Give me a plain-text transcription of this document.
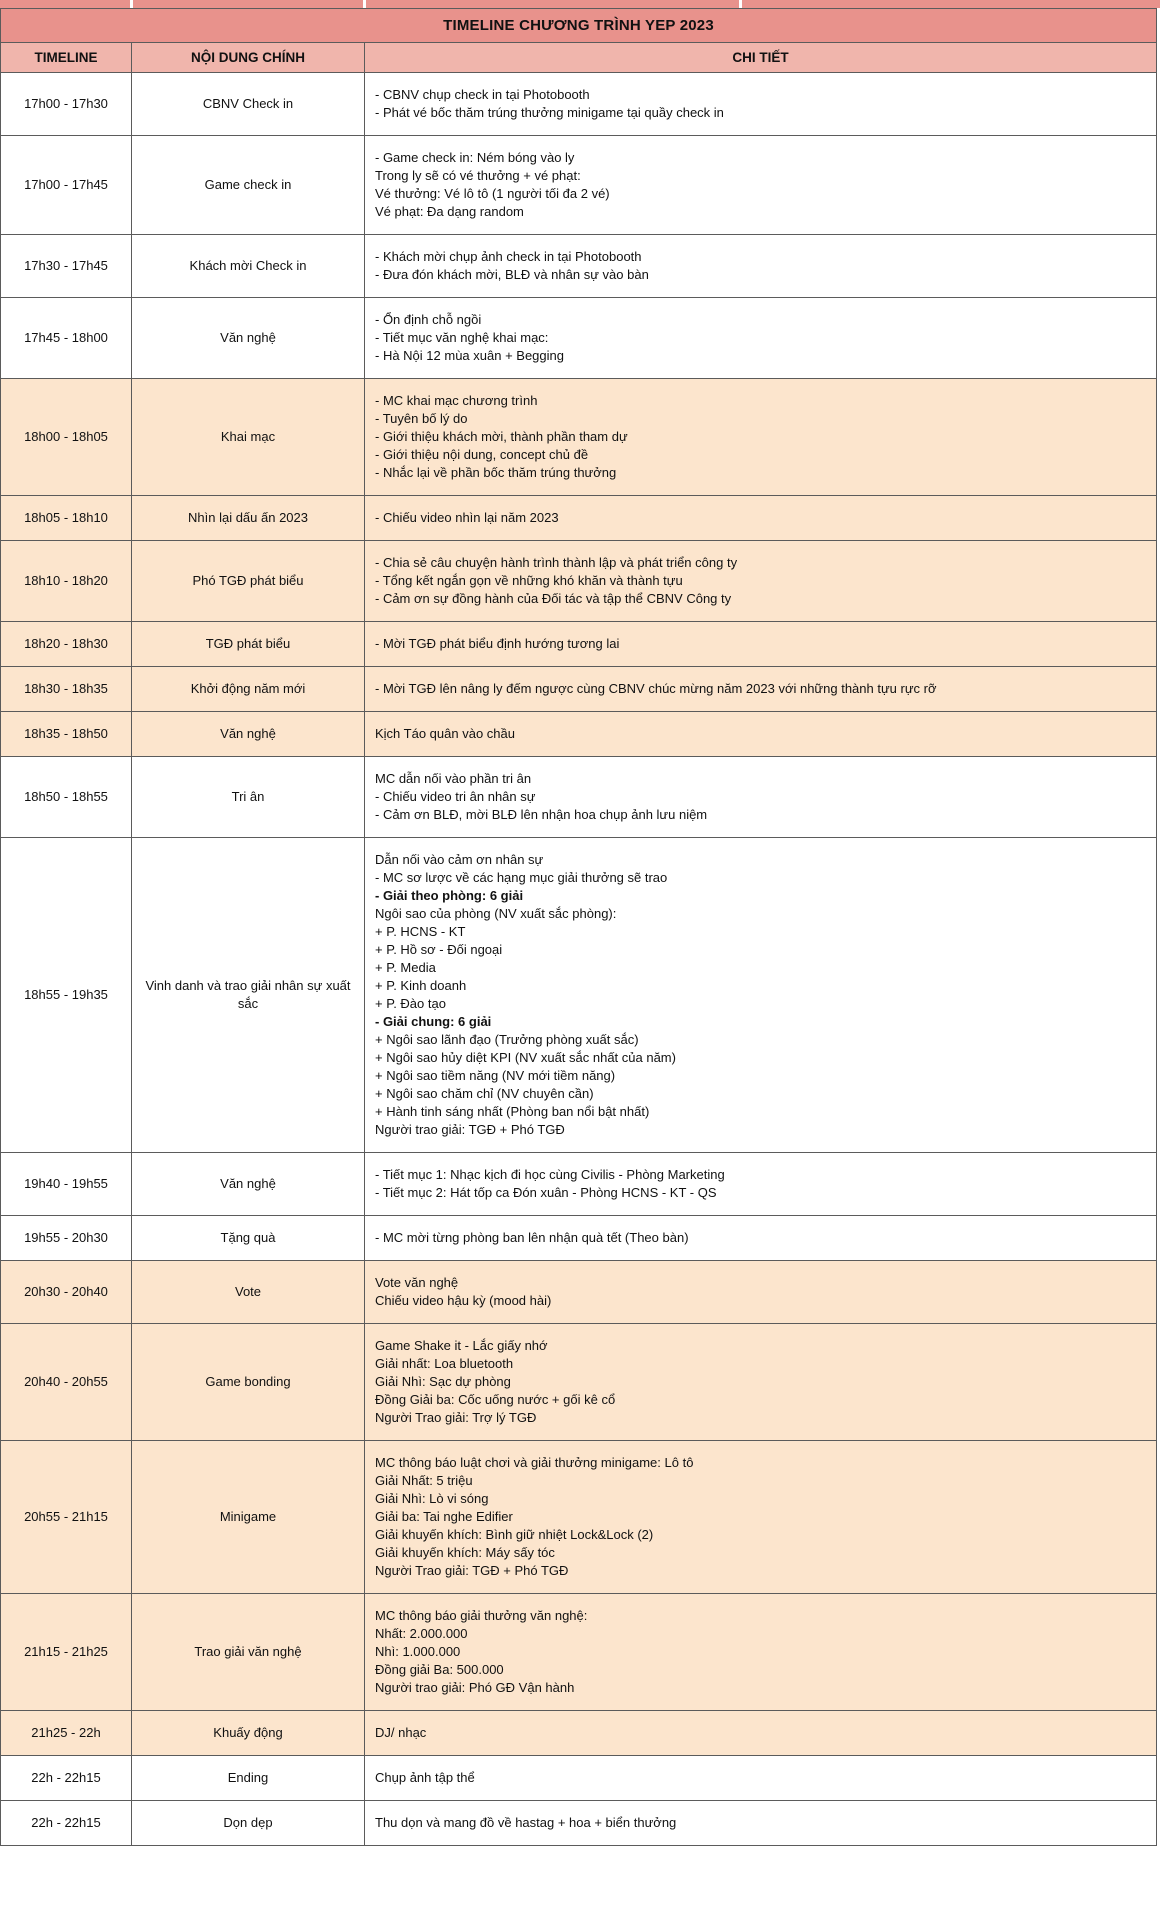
TIMELINE CHƯƠNG TRÌNH YEP 2023
TIMELINE	NỘI DUNG CHÍNH	CHI TIẾT
17h00 - 17h30	CBNV Check in
- CBNV chụp check in tại Photobooth
- Phát vé bốc thăm trúng thưởng minigame tại quầy check in
17h00 - 17h45	Game check in
- Game check in: Ném bóng vào ly
Trong ly sẽ có vé thưởng + vé phạt:
Vé thưởng: Vé lô tô (1 người tối đa 2 vé)
Vé phạt: Đa dạng random
17h30 - 17h45	Khách mời Check in
- Khách mời chụp ảnh check in tại Photobooth
- Đưa đón khách mời, BLĐ và nhân sự vào bàn
17h45 - 18h00	Văn nghệ
- Ổn định chỗ ngồi
- Tiết mục văn nghệ khai mạc:
- Hà Nội 12 mùa xuân + Begging
18h00 - 18h05	Khai mạc
- MC khai mạc chương trình
- Tuyên bố lý do
- Giới thiệu khách mời, thành phần tham dự
- Giới thiệu nội dung, concept chủ đề
- Nhắc lại về phần bốc thăm trúng thưởng
18h05 - 18h10	Nhìn lại dấu ấn 2023	- Chiếu video nhìn lại năm 2023
18h10 - 18h20	Phó TGĐ phát biểu
- Chia sẻ câu chuyện hành trình thành lập và phát triển công ty
- Tổng kết ngắn gọn về những khó khăn và thành tựu
- Cảm ơn sự đồng hành của Đối tác và tập thể CBNV Công ty
18h20 - 18h30	TGĐ phát biểu	- Mời TGĐ phát biểu định hướng tương lai
18h30 - 18h35	Khởi động năm mới	- Mời TGĐ lên nâng ly đếm ngược cùng CBNV chúc mừng năm 2023 với những thành tựu rực rỡ
18h35 - 18h50	Văn nghệ	Kịch Táo quân vào chầu
18h50 - 18h55	Tri ân
MC dẫn nối vào phần tri ân
- Chiếu video tri ân nhân sự
- Cảm ơn BLĐ, mời BLĐ lên nhận hoa chụp ảnh lưu niệm
18h55 - 19h35
Vinh danh và trao giải nhân sự xuất sắc
Dẫn nối vào cảm ơn nhân sự
- MC sơ lược về các hạng mục giải thưởng sẽ trao
- Giải theo phòng: 6 giải
Ngôi sao của phòng (NV xuất sắc phòng):
+ P. HCNS - KT
+ P. Hồ sơ - Đối ngoại
+ P. Media
+ P. Kinh doanh
+ P. Đào tạo
- Giải chung: 6 giải
+ Ngôi sao lãnh đạo (Trưởng phòng xuất sắc)
+ Ngôi sao hủy diệt KPI (NV xuất sắc nhất của năm)
+ Ngôi sao tiềm năng (NV mới tiềm năng)
+ Ngôi sao chăm chỉ (NV chuyên cần)
+ Hành tinh sáng nhất (Phòng ban nổi bật nhất)
Người trao giải: TGĐ + Phó TGĐ
19h40 - 19h55	Văn nghệ
- Tiết mục 1: Nhạc kịch đi học cùng Civilis - Phòng Marketing
- Tiết mục 2: Hát tốp ca Đón xuân - Phòng HCNS - KT - QS
19h55 - 20h30	Tặng quà	- MC mời từng phòng ban lên nhận quà tết (Theo bàn)
20h30 - 20h40	Vote
Vote văn nghệ
Chiếu video hậu kỳ (mood hài)
20h40 - 20h55	Game bonding
Game Shake it - Lắc giấy nhớ
Giải nhất: Loa bluetooth
Giải Nhì: Sạc dự phòng
Đồng Giải ba: Cốc uống nước + gối kê cổ
Người Trao giải: Trợ lý TGĐ
20h55 - 21h15	Minigame
MC thông báo luật chơi và giải thưởng minigame: Lô tô
Giải Nhất: 5 triệu
Giải Nhì: Lò vi sóng
Giải ba: Tai nghe Edifier
Giải khuyến khích: Bình giữ nhiệt Lock&Lock (2)
Giải khuyến khích: Máy sấy tóc
Người Trao giải: TGĐ + Phó TGĐ
21h15 - 21h25	Trao giải văn nghệ
MC thông báo giải thưởng văn nghệ:
Nhất: 2.000.000
Nhì: 1.000.000
Đồng giải Ba: 500.000
Người trao giải: Phó GĐ Vận hành
21h25 - 22h	Khuấy động	DJ/ nhạc
22h - 22h15	Ending	Chụp ảnh tập thể
22h - 22h15	Dọn dẹp	Thu dọn và mang đồ về hastag + hoa + biển thưởng
